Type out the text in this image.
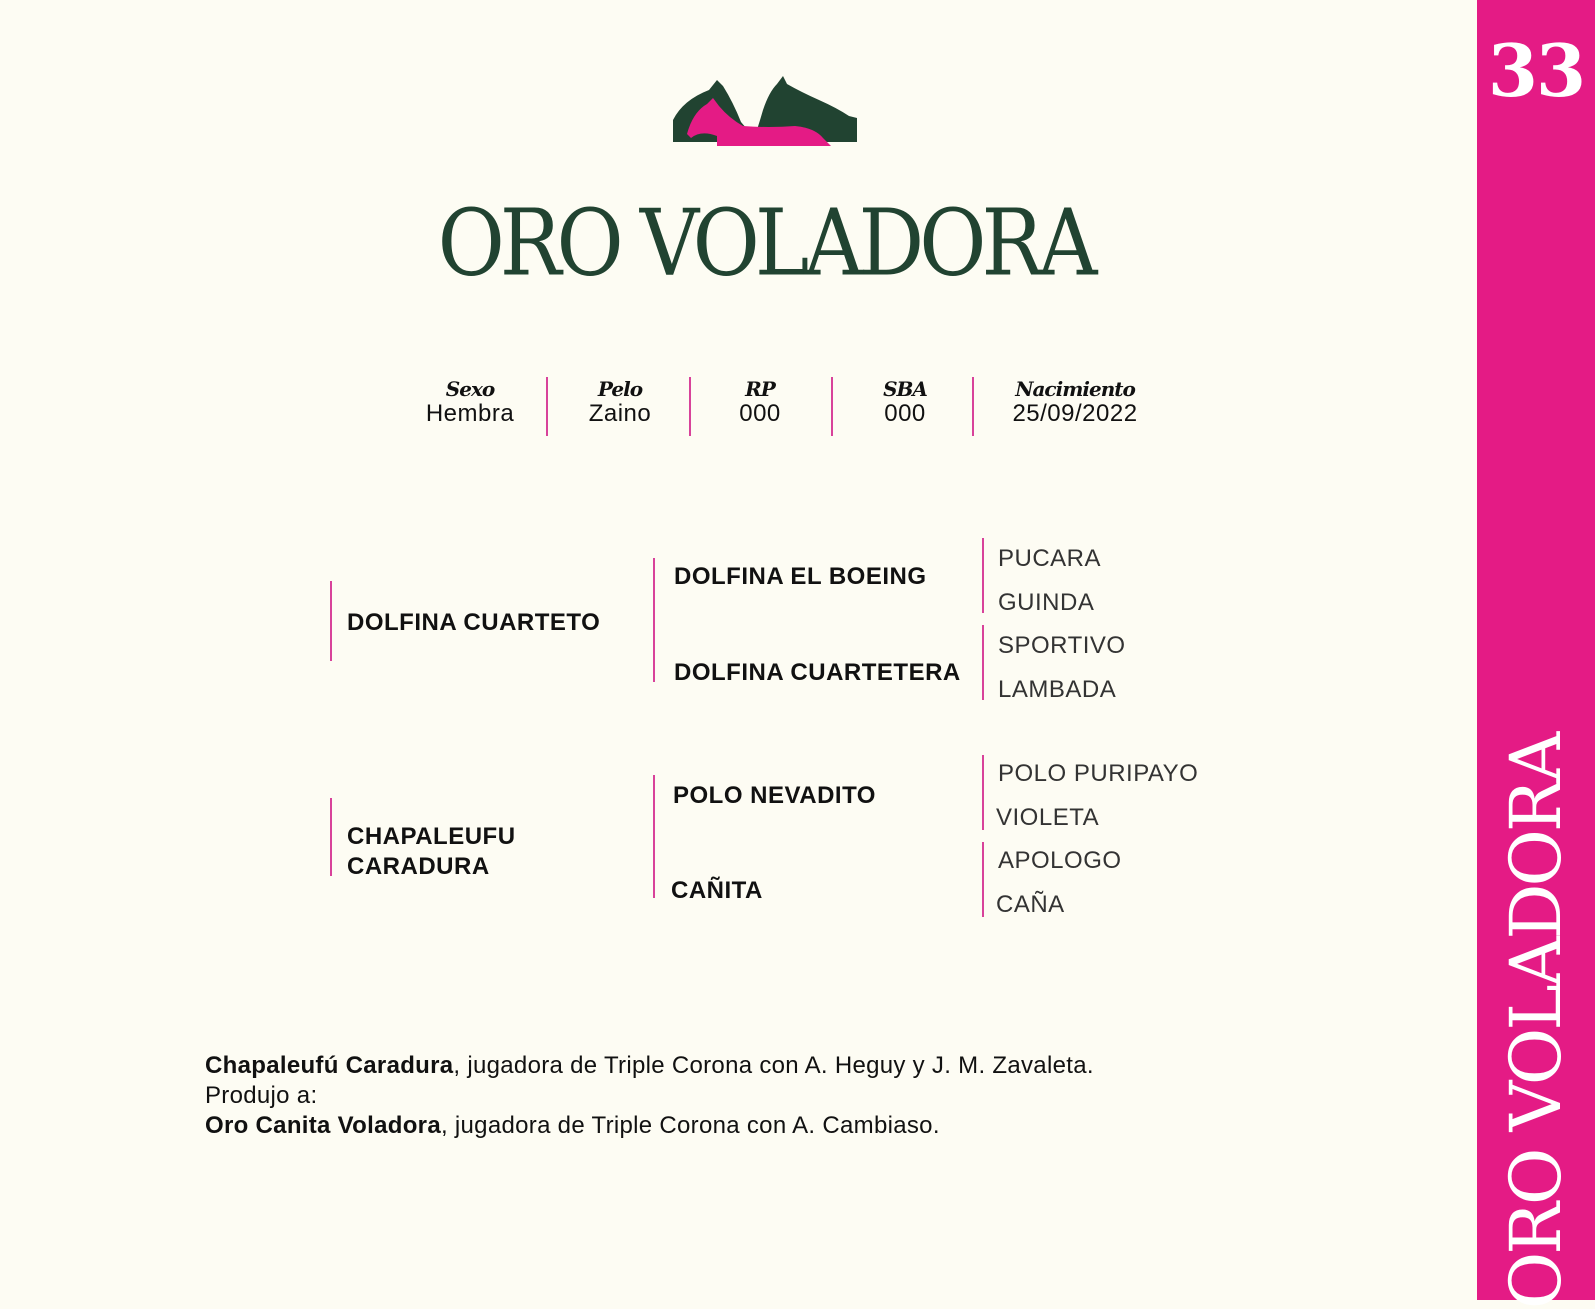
33
ORO VOLADORA
ORO VOLADORA
Sexo
Hembra
Pelo
Zaino
RP
000
SBA
000
Nacimiento
25/09/2022
DOLFINA CUARTETO
DOLFINA EL BOEING
DOLFINA CUARTETERA
PUCARA
GUINDA
SPORTIVO
LAMBADA
CHAPALEUFU
CARADURA
POLO NEVADITO
CAÑITA
POLO PURIPAYO
VIOLETA
APOLOGO
CAÑA

Chapaleufú Caradura, jugadora de Triple Corona con A. Heguy y J. M. Zavaleta.

Produjo a:

Oro Canita Voladora, jugadora de Triple Corona con A. Cambiaso.
